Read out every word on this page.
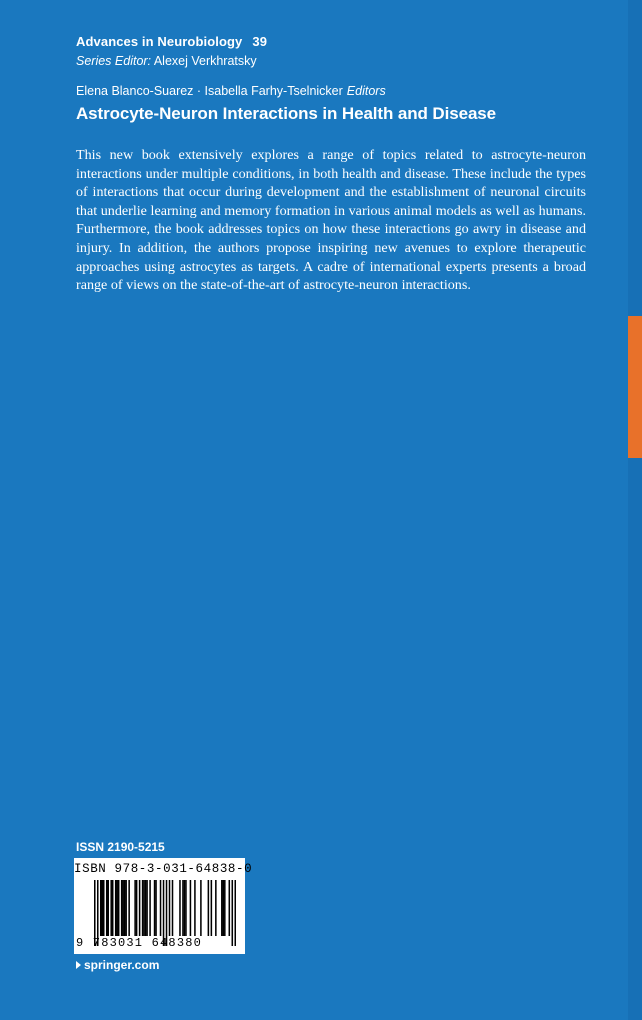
Advances in Neurobiology 39
Series Editor: Alexej Verkhratsky
Elena Blanco-Suarez · Isabella Farhy-Tselnicker Editors
Astrocyte-Neuron Interactions in Health and Disease

This new book extensively explores a range of topics related to astrocyte-neuron interactions under multiple conditions, in both health and disease. These include the types of interactions that occur during development and the establishment of neuronal circuits that underlie learning and memory formation in various animal models as well as humans. Furthermore, the book addresses topics on how these interactions go awry in disease and injury. In addition, the authors propose inspiring new avenues to explore therapeutic approaches using astrocytes as targets. A cadre of international experts presents a broad range of views on the state-of-the-art of astrocyte-neuron interactions.

ISSN 2190-5215
ISBN 978-3-031-64838-0
9 783031 648380
springer.com
